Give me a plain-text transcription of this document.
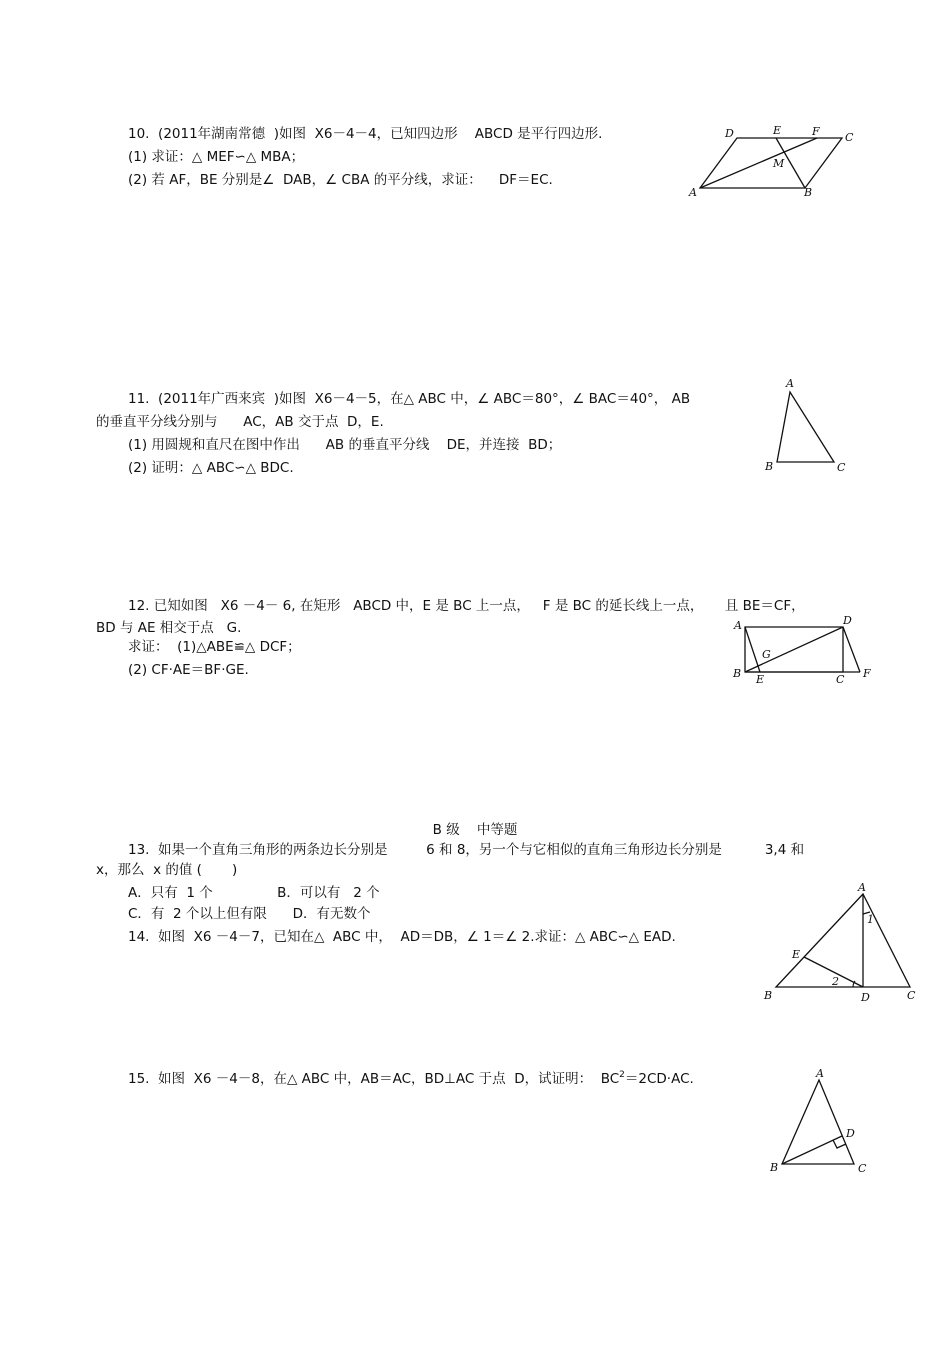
10.  (2011年湖南常德  )如图  X6－4－4，已知四边形    ABCD 是平行四边形.
(1) 求证：△ MEF∽△ MBA；
(2) 若 AF，BE 分别是∠  DAB，∠ CBA 的平分线，求证：    DF＝EC.
D	E	F C
M
A	B
11.  (2011年广西来宾  )如图  X6－4－5，在△ ABC 中，∠ ABC＝80°，∠ BAC＝40°， AB
的垂直平分线分别与      AC，AB 交于点  D，E.
(1) 用圆规和直尺在图中作出      AB 的垂直平分线    DE，并连接  BD；
(2) 证明：△ ABC∽△ BDC.
A
B	C
12. 已知如图   X6 －4－ 6, 在矩形   ABCD 中，E 是 BC 上一点，   F 是 BC 的延长线上一点，     且 BE＝CF，
BD 与 AE 相交于点   G.
求证：  (1)△ABE≌△ DCF；
(2) CF·AE＝BF·GE.
A	D
G
B E	C F
B 级    中等题
13.  如果一个直角三角形的两条边长分别是         6 和 8，另一个与它相似的直角三角形边长分别是          3,4 和
x，那么  x 的值 (       )
A．只有  1 个               B．可以有   2 个
C．有  2 个以上但有限      D．有无数个
14.  如图  X6 －4－7，已知在△  ABC 中，  AD＝DB，∠ 1＝∠ 2.求证：△ ABC∽△ EAD.
A
1
E
2
B	D	C
15.  如图  X6 －4－8，在△ ABC 中，AB＝AC，BD⊥AC 于点  D，试证明：  $BC^2=2CD\cdot AC$.	A
D
B	C
